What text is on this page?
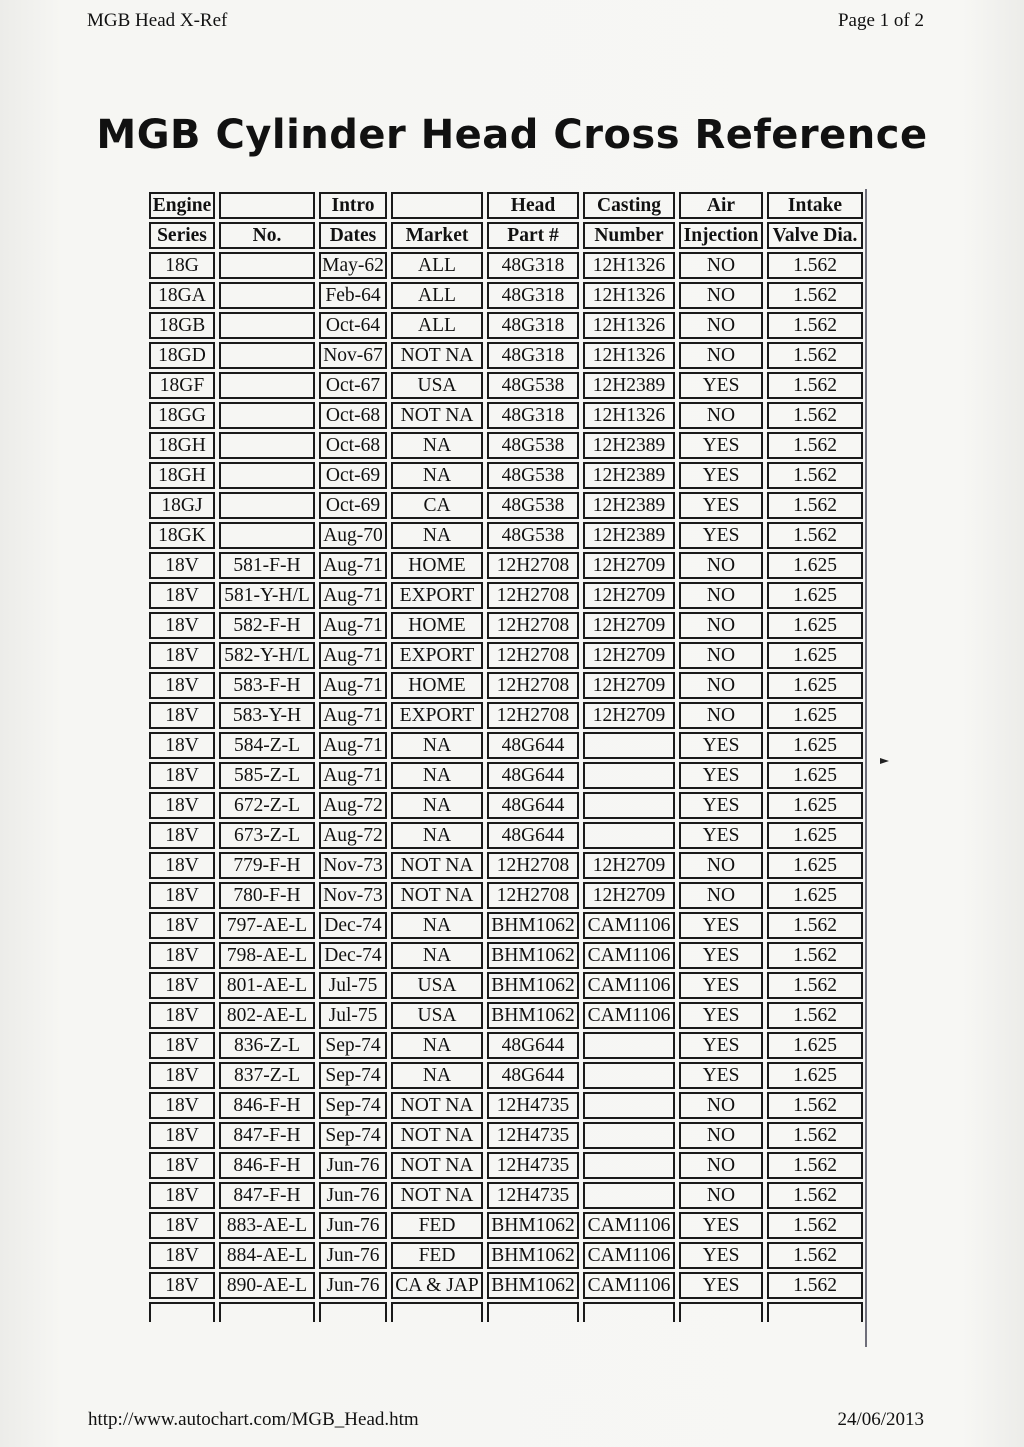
MGB Head X-Ref	Page 1 of 2
MGB Cylinder Head Cross Reference
Engine		Intro		Head	Casting	Air	Intake
Series	No.	Dates	Market	Part #	Number	Injection	Valve Dia.
18G		May-62	ALL	48G318	12H1326	NO	1.562
18GA		Feb-64	ALL	48G318	12H1326	NO	1.562
18GB		Oct-64	ALL	48G318	12H1326	NO	1.562
18GD		Nov-67	NOT NA	48G318	12H1326	NO	1.562
18GF		Oct-67	USA	48G538	12H2389	YES	1.562
18GG		Oct-68	NOT NA	48G318	12H1326	NO	1.562
18GH		Oct-68	NA	48G538	12H2389	YES	1.562
18GH		Oct-69	NA	48G538	12H2389	YES	1.562
18GJ		Oct-69	CA	48G538	12H2389	YES	1.562
18GK		Aug-70	NA	48G538	12H2389	YES	1.562
18V	581-F-H	Aug-71	HOME	12H2708	12H2709	NO	1.625
18V	581-Y-H/L	Aug-71	EXPORT	12H2708	12H2709	NO	1.625
18V	582-F-H	Aug-71	HOME	12H2708	12H2709	NO	1.625
18V	582-Y-H/L	Aug-71	EXPORT	12H2708	12H2709	NO	1.625
18V	583-F-H	Aug-71	HOME	12H2708	12H2709	NO	1.625
18V	583-Y-H	Aug-71	EXPORT	12H2708	12H2709	NO	1.625
18V	584-Z-L	Aug-71	NA	48G644		YES	1.625
18V	585-Z-L	Aug-71	NA	48G644		YES	1.625
18V	672-Z-L	Aug-72	NA	48G644		YES	1.625
18V	673-Z-L	Aug-72	NA	48G644		YES	1.625
18V	779-F-H	Nov-73	NOT NA	12H2708	12H2709	NO	1.625
18V	780-F-H	Nov-73	NOT NA	12H2708	12H2709	NO	1.625
18V	797-AE-L	Dec-74	NA	BHM1062	CAM1106	YES	1.562
18V	798-AE-L	Dec-74	NA	BHM1062	CAM1106	YES	1.562
18V	801-AE-L	Jul-75	USA	BHM1062	CAM1106	YES	1.562
18V	802-AE-L	Jul-75	USA	BHM1062	CAM1106	YES	1.562
18V	836-Z-L	Sep-74	NA	48G644		YES	1.625
18V	837-Z-L	Sep-74	NA	48G644		YES	1.625
18V	846-F-H	Sep-74	NOT NA	12H4735		NO	1.562
18V	847-F-H	Sep-74	NOT NA	12H4735		NO	1.562
18V	846-F-H	Jun-76	NOT NA	12H4735		NO	1.562
18V	847-F-H	Jun-76	NOT NA	12H4735		NO	1.562
18V	883-AE-L	Jun-76	FED	BHM1062	CAM1106	YES	1.562
18V	884-AE-L	Jun-76	FED	BHM1062	CAM1106	YES	1.562
18V	890-AE-L	Jun-76	CA & JAP	BHM1062	CAM1106	YES	1.562

http://www.autochart.com/MGB_Head.htm	24/06/2013
